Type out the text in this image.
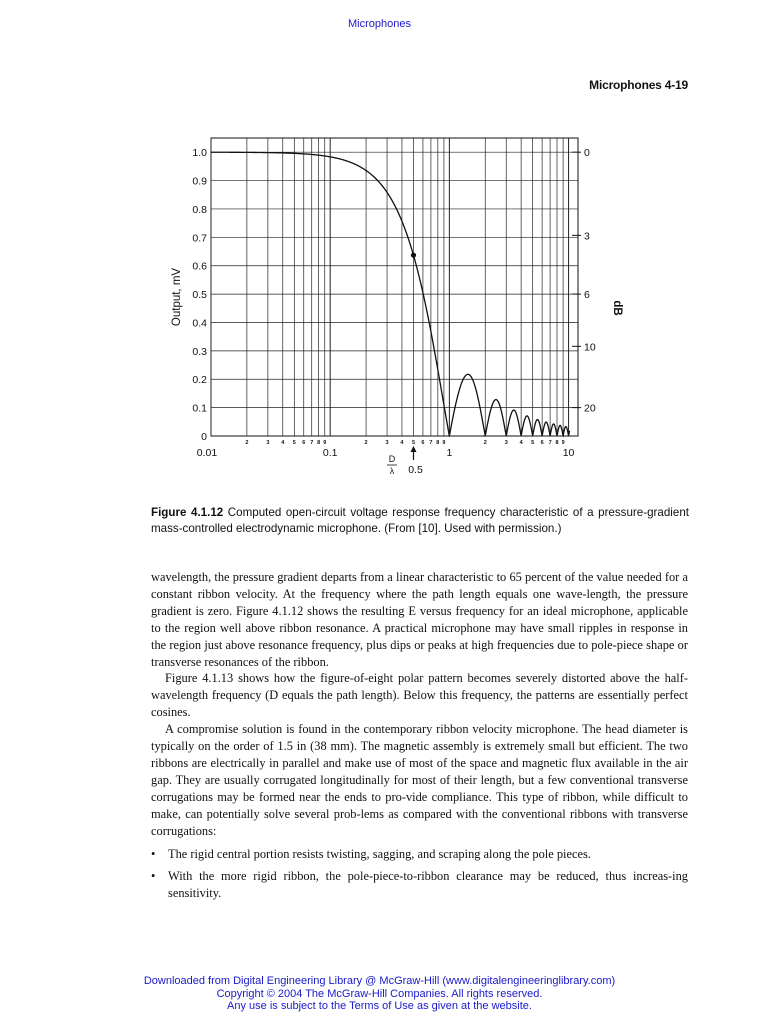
Microphones
Microphones 4-19
2	3 4 5 6 7 8 9	2	3 4 5 6 7 8 9	2	3 4 5 6 7 8 9
0
0.1
0.2
0.3
0.4
0.5
0.6
0.7
0.8
0.9
1.0
0.01	0.1	1	10
0
3
6
10
20
Output, mV	dB
D
λ 0.5
Figure 4.1.12 Computed open-circuit voltage response frequency characteristic of a pressure-gradient mass-controlled electrodynamic microphone. (From [10]. Used with permission.)

wavelength, the pressure gradient departs from a linear characteristic to 65 percent of the value needed for a constant ribbon velocity. At the frequency where the path length equals one wave-length, the pressure gradient is zero. Figure 4.1.12 shows the resulting E versus frequency for an ideal microphone, applicable to the region well above ribbon resonance. A practical microphone may have small ripples in response in the region just above resonance frequency, plus dips or peaks at high frequencies due to pole-piece shape or transverse resonances of the ribbon.

Figure 4.1.13 shows how the figure-of-eight polar pattern becomes severely distorted above the half-wavelength frequency (D equals the path length). Below this frequency, the patterns are essentially perfect cosines.

A compromise solution is found in the contemporary ribbon velocity microphone. The head diameter is typically on the order of 1.5 in (38 mm). The magnetic assembly is extremely small but efficient. The two ribbons are electrically in parallel and make use of most of the space and magnetic flux available in the air gap. They are usually corrugated longitudinally for most of their length, but a few conventional transverse corrugations may be formed near the ends to pro-vide compliance. This type of ribbon, while difficult to make, can potentially solve several prob-lems as compared with the conventional ribbons with transverse corrugations:

• The rigid central portion resists twisting, sagging, and scraping along the pole pieces.
• With the more rigid ribbon, the pole-piece-to-ribbon clearance may be reduced, thus increas-ing sensitivity.
Downloaded from Digital Engineering Library @ McGraw-Hill (www.digitalengineeringlibrary.com)
Copyright © 2004 The McGraw-Hill Companies. All rights reserved.
Any use is subject to the Terms of Use as given at the website.
